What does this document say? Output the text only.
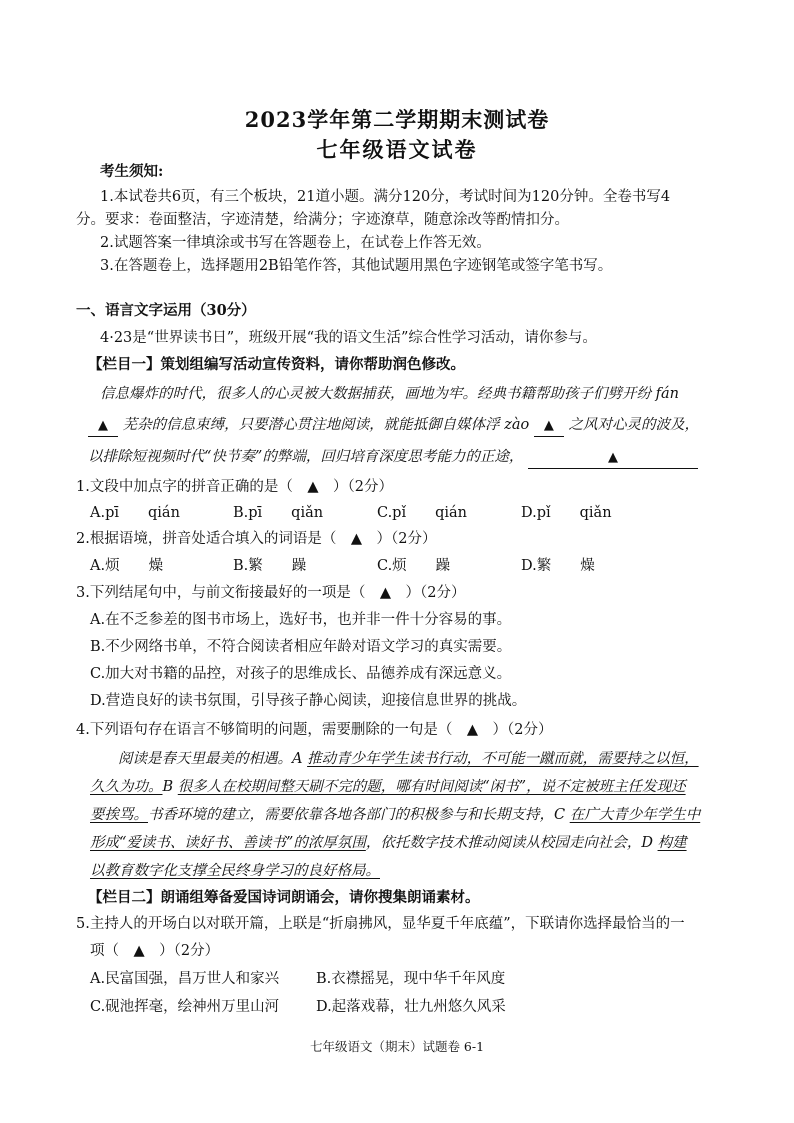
2023学年第二学期期末测试卷
七年级语文试卷
考生须知:
1.本试卷共6页，有三个板块，21道小题。满分120分，考试时间为120分钟。全卷书写4
分。要求：卷面整洁，字迹清楚，给满分；字迹潦草，随意涂改等酌情扣分。
2.试题答案一律填涂或书写在答题卷上，在试卷上作答无效。
3.在答题卷上，选择题用2B铅笔作答，其他试题用黑色字迹钢笔或签字笔书写。
一、语言文字运用（30分）
4·23是“世界读书日”，班级开展“我的语文生活”综合性学习活动，请你参与。
【栏目一】策划组编写活动宣传资料，请你帮助润色修改。
信息爆炸的时代，很多人的心灵被大数据捕获，画地为牢。经典书籍帮助孩子们劈开纷 fán
▲ 芜杂的信息束缚，只要潜心贯注地阅读，就能抵御自媒体浮 zào ▲ 之风对心灵的波及，
以排除短视频时代“快节奏”的弊端，回归培育深度思考能力的正途，	▲
1.文段中加点字的拼音正确的是（　▲　）（2分）
A.pī　　qián	B.pī　　qiǎn	C.pǐ　　qián	D.pǐ　　qiǎn
2.根据语境，拼音处适合填入的词语是（　▲　）（2分）
A.烦　　燥	B.繁　　躁	C.烦　　躁	D.繁　　燥
3.下列结尾句中，与前文衔接最好的一项是（　▲　）（2分）
A.在不乏参差的图书市场上，选好书，也并非一件十分容易的事。
B.不少网络书单，不符合阅读者相应年龄对语文学习的真实需要。
C.加大对书籍的品控，对孩子的思维成长、品德养成有深远意义。
D.营造良好的读书氛围，引导孩子静心阅读，迎接信息世界的挑战。
4.下列语句存在语言不够简明的问题，需要删除的一句是（　▲　）（2分）
阅读是春天里最美的相遇。A 推动青少年学生读书行动，不可能一蹴而就，需要持之以恒，
久久为功。B 很多人在校期间整天刷不完的题，哪有时间阅读“闲书”，说不定被班主任发现还
要挨骂。书香环境的建立，需要依靠各地各部门的积极参与和长期支持，C 在广大青少年学生中
形成“爱读书、读好书、善读书”的浓厚氛围，依托数字技术推动阅读从校园走向社会，D 构建
以教育数字化支撑全民终身学习的良好格局。
【栏目二】朗诵组筹备爱国诗词朗诵会，请你搜集朗诵素材。
5.主持人的开场白以对联开篇，上联是“折扇拂风，显华夏千年底蕴”，下联请你选择最恰当的一
项（　▲　）（2分）
A.民富国强，昌万世人和家兴	B.衣襟摇晃，现中华千年风度
C.砚池挥毫，绘神州万里山河	D.起落戏幕，壮九州悠久风采
七年级语文（期末）试题卷 6-1
